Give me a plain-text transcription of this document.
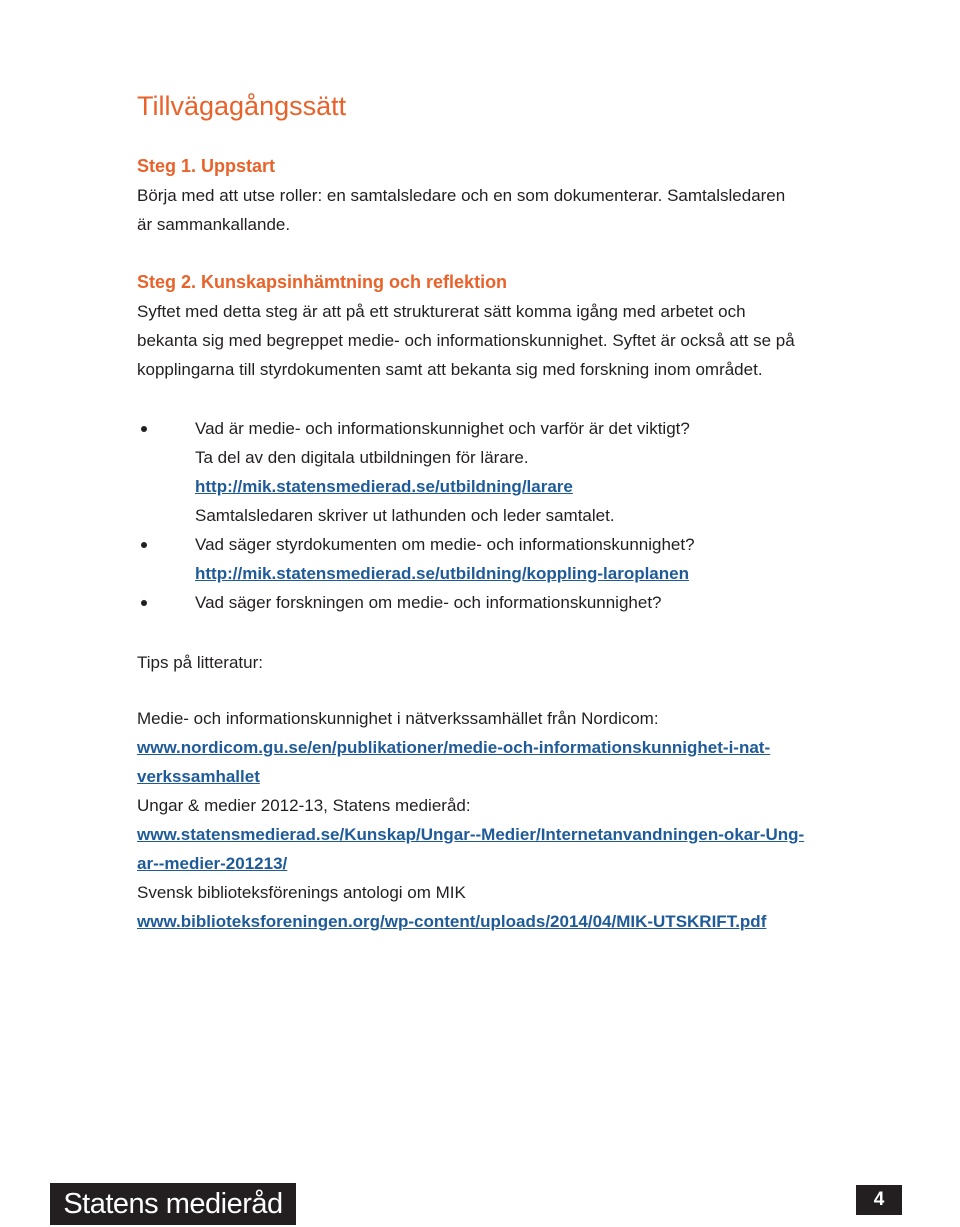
Tillvägagångssätt
Steg 1. Uppstart
Börja med att utse roller: en samtalsledare och en som dokumenterar. Samtalsledaren
är sammankallande.
Steg 2. Kunskapsinhämtning och reflektion
Syftet med detta steg är att på ett strukturerat sätt komma igång med arbetet och
bekanta sig med begreppet medie- och informationskunnighet. Syftet är också att se på
kopplingarna till styrdokumenten samt att bekanta sig med forskning inom området.
Vad är medie- och informationskunnighet och varför är det viktigt?
Ta del av den digitala utbildningen för lärare.
http://mik.statensmedierad.se/utbildning/larare
Samtalsledaren skriver ut lathunden och leder samtalet.
Vad säger styrdokumenten om medie- och informationskunnighet?
http://mik.statensmedierad.se/utbildning/koppling-laroplanen
Vad säger forskningen om medie- och informationskunnighet?
Tips på litteratur:
Medie- och informationskunnighet i nätverkssamhället från Nordicom:
www.nordicom.gu.se/en/publikationer/medie-och-informationskunnighet-i-nat-
verkssamhallet
Ungar & medier 2012-13, Statens medieråd:
www.statensmedierad.se/Kunskap/Ungar--Medier/Internetanvandningen-okar-Ung-
ar--medier-201213/
Svensk biblioteksförenings antologi om MIK
www.biblioteksforeningen.org/wp-content/uploads/2014/04/MIK-UTSKRIFT.pdf
Statens medieråd	4
